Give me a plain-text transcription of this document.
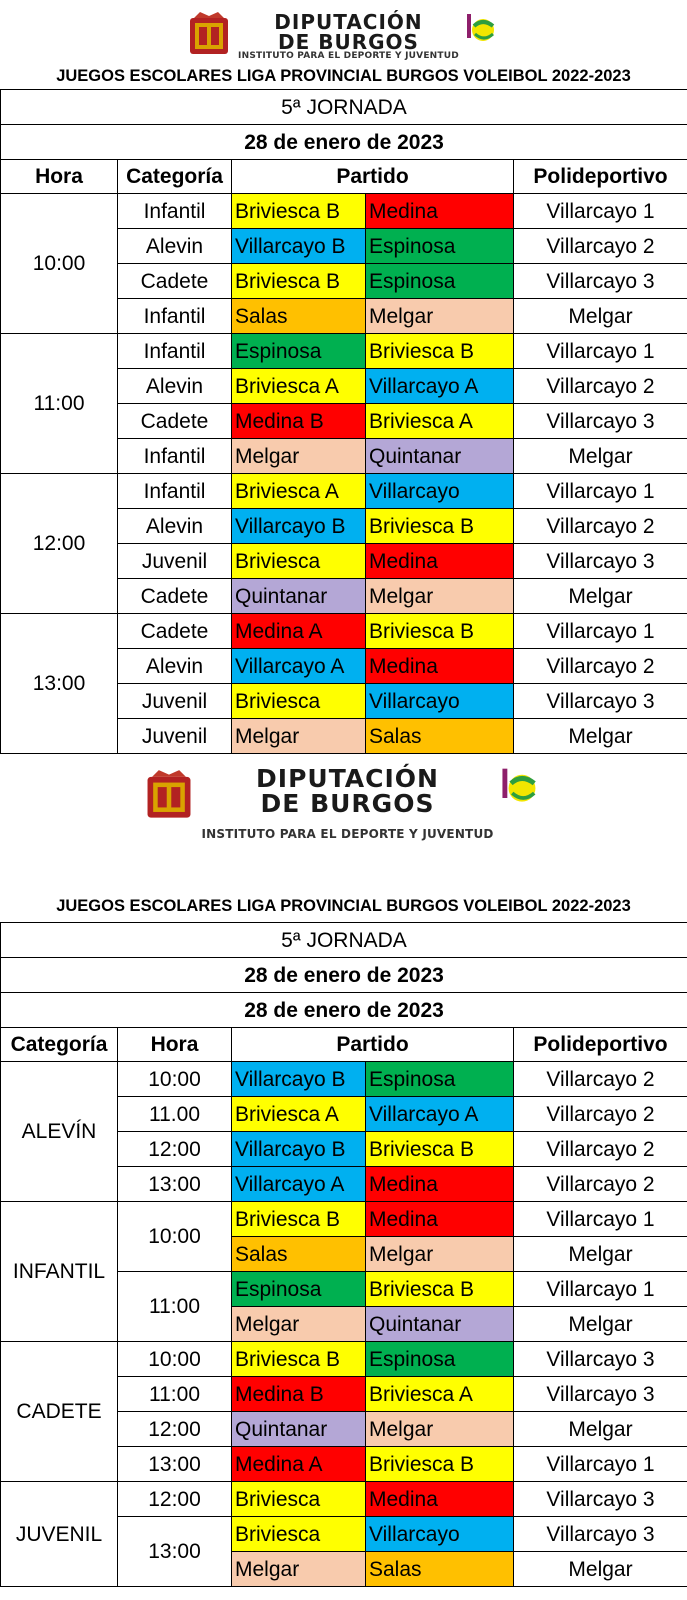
DIPUTACIÓN
DE BURGOS
INSTITUTO PARA EL DEPORTE Y JUVENTUD
JUEGOS ESCOLARES LIGA PROVINCIAL BURGOS VOLEIBOL 2022-2023
5ª JORNADA				
28 de enero de 2023				
Hora	Categoría	Partido		Polideportivo
10:00	Infantil	Briviesca B	Medina	Villarcayo 1
	Alevin	Villarcayo B	Espinosa	Villarcayo 2
	Cadete	Briviesca B	Espinosa	Villarcayo 3
	Infantil	Salas	Melgar	Melgar
11:00	Infantil	Espinosa	Briviesca B	Villarcayo 1
	Alevin	Briviesca A	Villarcayo A	Villarcayo 2
	Cadete	Medina B	Briviesca A	Villarcayo 3
	Infantil	Melgar	Quintanar	Melgar
12:00	Infantil	Briviesca A	Villarcayo	Villarcayo 1
	Alevin	Villarcayo B	Briviesca B	Villarcayo 2
	Juvenil	Briviesca	Medina	Villarcayo 3
	Cadete	Quintanar	Melgar	Melgar
13:00	Cadete	Medina A	Briviesca B	Villarcayo 1
	Alevin	Villarcayo A	Medina	Villarcayo 2
	Juvenil	Briviesca	Villarcayo	Villarcayo 3
	Juvenil	Melgar	Salas	Melgar
DIPUTACIÓN
DE BURGOS
INSTITUTO PARA EL DEPORTE Y JUVENTUD
JUEGOS ESCOLARES LIGA PROVINCIAL BURGOS VOLEIBOL 2022-2023
5ª JORNADA				
28 de enero de 2023				
28 de enero de 2023				
Categoría	Hora	Partido		Polideportivo
ALEVÍN	10:00	Villarcayo B	Espinosa	Villarcayo 2
	11.00	Briviesca A	Villarcayo A	Villarcayo 2
	12:00	Villarcayo B	Briviesca B	Villarcayo 2
	13:00	Villarcayo A	Medina	Villarcayo 2
INFANTIL	10:00	Briviesca B	Medina	Villarcayo 1
		Salas	Melgar	Melgar
	11:00	Espinosa	Briviesca B	Villarcayo 1
		Melgar	Quintanar	Melgar
CADETE	10:00	Briviesca B	Espinosa	Villarcayo 3
	11:00	Medina B	Briviesca A	Villarcayo 3
	12:00	Quintanar	Melgar	Melgar
	13:00	Medina A	Briviesca B	Villarcayo 1
JUVENIL	12:00	Briviesca	Medina	Villarcayo 3
	13:00	Briviesca	Villarcayo	Villarcayo 3
		Melgar	Salas	Melgar
